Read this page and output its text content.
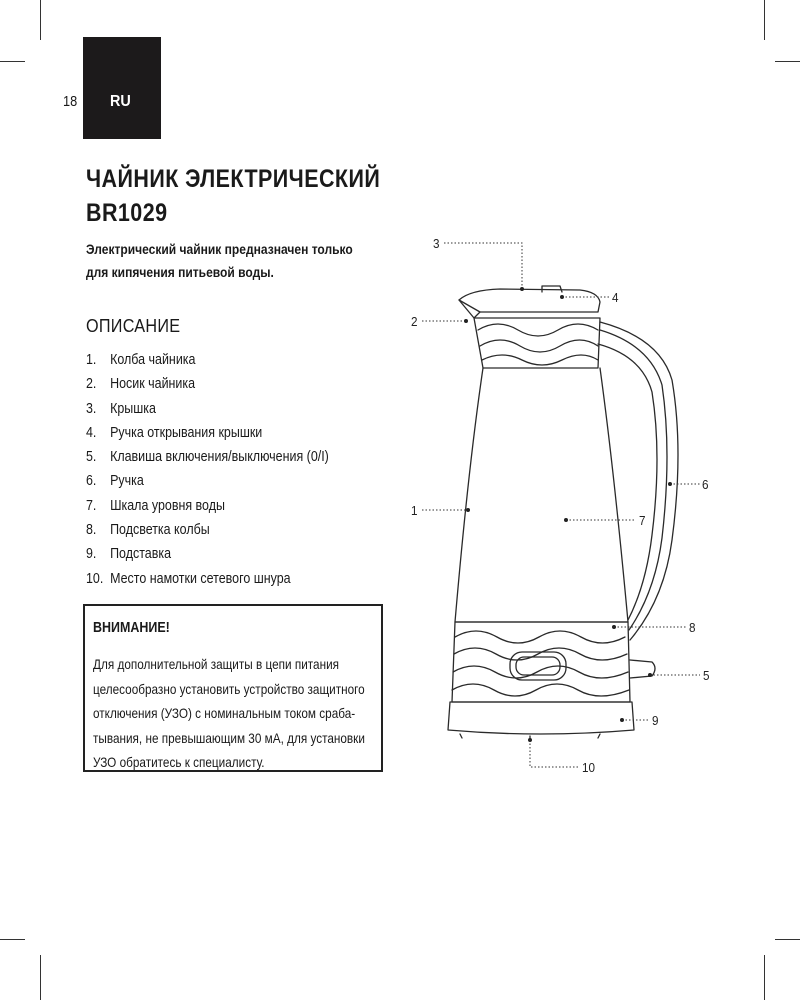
18 RU
ЧАЙНИК ЭЛЕКТРИЧЕСКИЙ
BR1029
Электрический чайник предназначен только
для кипячения питьевой воды.
ОПИСАНИЕ
1. Колба чайника
2. Носик чайника
3. Крышка
4. Ручка открывания крышки
5. Клавиша включения/выключения (0/I)
6. Ручка
7. Шкала уровня воды
8. Подсветка колбы
9. Подставка
10. Место намотки сетевого шнура
ВНИМАНИЕ!
Для дополнительной защиты в цепи питания
целесообразно установить устройство защитного
отключения (УЗО) с номинальным током сраба-
тывания, не превышающим 30 мА, для установки
УЗО обратитесь к специалисту.
3
4
2
6
1
7
8
5
9
10
